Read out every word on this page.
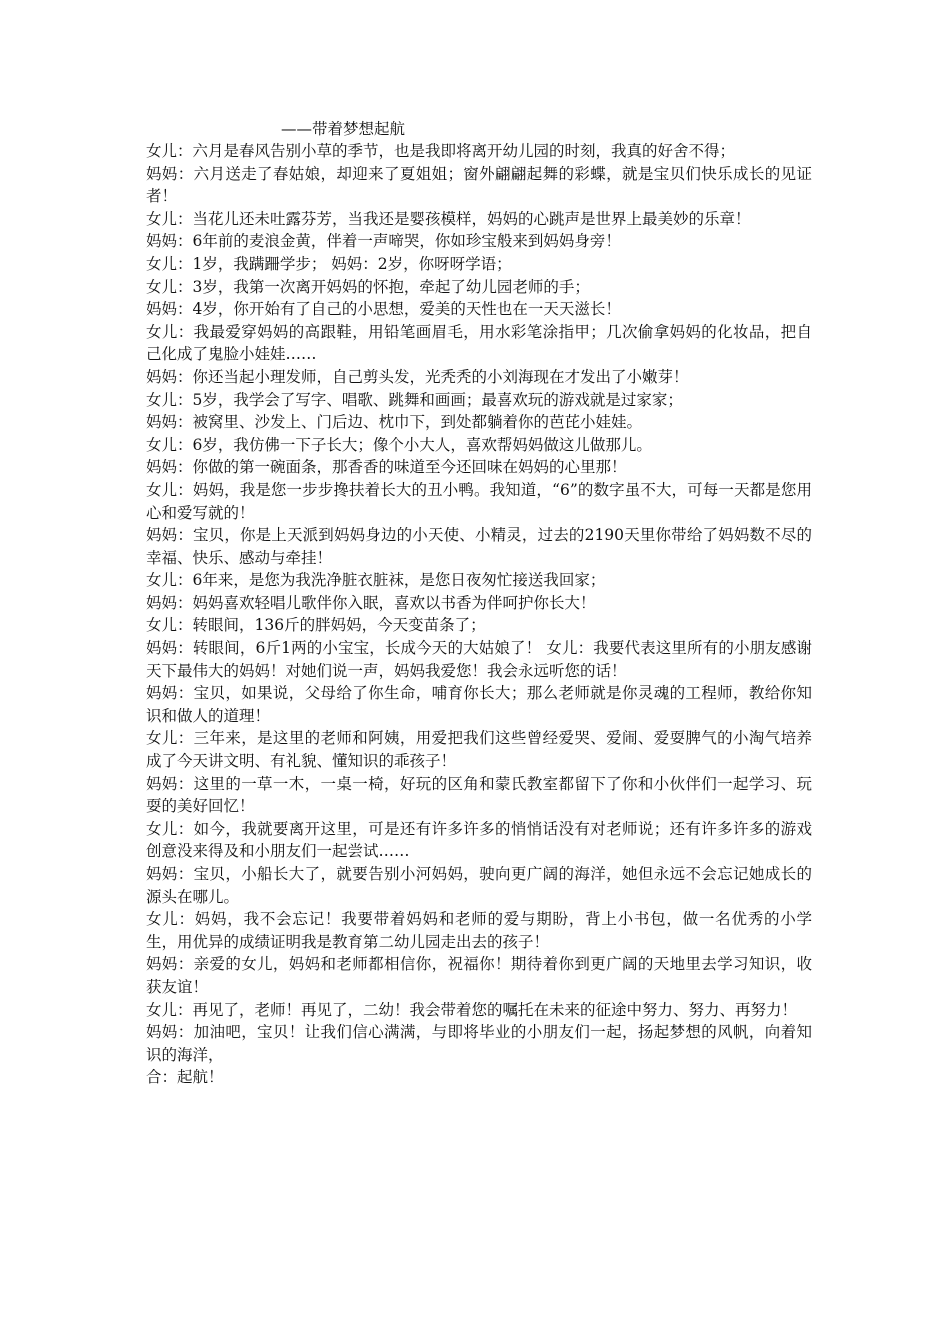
——带着梦想起航

女儿：六月是春风告别小草的季节，也是我即将离开幼儿园的时刻，我真的好舍不得；

妈妈：六月送走了春姑娘，却迎来了夏姐姐；窗外翩翩起舞的彩蝶，就是宝贝们快乐成长的见证者！

女儿：当花儿还未吐露芬芳，当我还是婴孩模样，妈妈的心跳声是世界上最美妙的乐章！

妈妈：6年前的麦浪金黄，伴着一声啼哭，你如珍宝般来到妈妈身旁！

女儿：1岁，我蹒跚学步； 妈妈：2岁，你呀呀学语；

女儿：3岁，我第一次离开妈妈的怀抱，牵起了幼儿园老师的手；

妈妈：4岁，你开始有了自己的小思想，爱美的天性也在一天天滋长！

女儿：我最爱穿妈妈的高跟鞋，用铅笔画眉毛，用水彩笔涂指甲；几次偷拿妈妈的化妆品，把自己化成了鬼脸小娃娃……

妈妈：你还当起小理发师，自己剪头发，光秃秃的小刘海现在才发出了小嫩芽！

女儿：5岁，我学会了写字、唱歌、跳舞和画画；最喜欢玩的游戏就是过家家；

妈妈：被窝里、沙发上、门后边、枕巾下，到处都躺着你的芭芘小娃娃。

女儿：6岁，我仿佛一下子长大；像个小大人，喜欢帮妈妈做这儿做那儿。

妈妈：你做的第一碗面条，那香香的味道至今还回味在妈妈的心里那！

女儿：妈妈，我是您一步步搀扶着长大的丑小鸭。我知道，“6”的数字虽不大，可每一天都是您用心和爱写就的！

妈妈：宝贝，你是上天派到妈妈身边的小天使、小精灵，过去的2190天里你带给了妈妈数不尽的幸福、快乐、感动与牵挂！

女儿：6年来，是您为我洗净脏衣脏袜，是您日夜匆忙接送我回家；

妈妈：妈妈喜欢轻唱儿歌伴你入眠，喜欢以书香为伴呵护你长大！

女儿：转眼间，136斤的胖妈妈，今天变苗条了；

妈妈：转眼间，6斤1两的小宝宝，长成今天的大姑娘了！ 女儿：我要代表这里所有的小朋友感谢天下最伟大的妈妈！对她们说一声，妈妈我爱您！我会永远听您的话！

妈妈：宝贝，如果说，父母给了你生命，哺育你长大；那么老师就是你灵魂的工程师，教给你知识和做人的道理！

女儿：三年来，是这里的老师和阿姨，用爱把我们这些曾经爱哭、爱闹、爱耍脾气的小淘气培养成了今天讲文明、有礼貌、懂知识的乖孩子！

妈妈：这里的一草一木，一桌一椅，好玩的区角和蒙氏教室都留下了你和小伙伴们一起学习、玩耍的美好回忆！

女儿：如今，我就要离开这里，可是还有许多许多的悄悄话没有对老师说；还有许多许多的游戏创意没来得及和小朋友们一起尝试……

妈妈：宝贝，小船长大了，就要告别小河妈妈，驶向更广阔的海洋，她但永远不会忘记她成长的源头在哪儿。

女儿：妈妈，我不会忘记！我要带着妈妈和老师的爱与期盼，背上小书包，做一名优秀的小学生，用优异的成绩证明我是教育第二幼儿园走出去的孩子！

妈妈：亲爱的女儿，妈妈和老师都相信你，祝福你！期待着你到更广阔的天地里去学习知识，收获友谊！

女儿：再见了，老师！再见了，二幼！我会带着您的嘱托在未来的征途中努力、努力、再努力！

妈妈：加油吧，宝贝！让我们信心满满，与即将毕业的小朋友们一起，扬起梦想的风帆，向着知识的海洋，

合：起航！
